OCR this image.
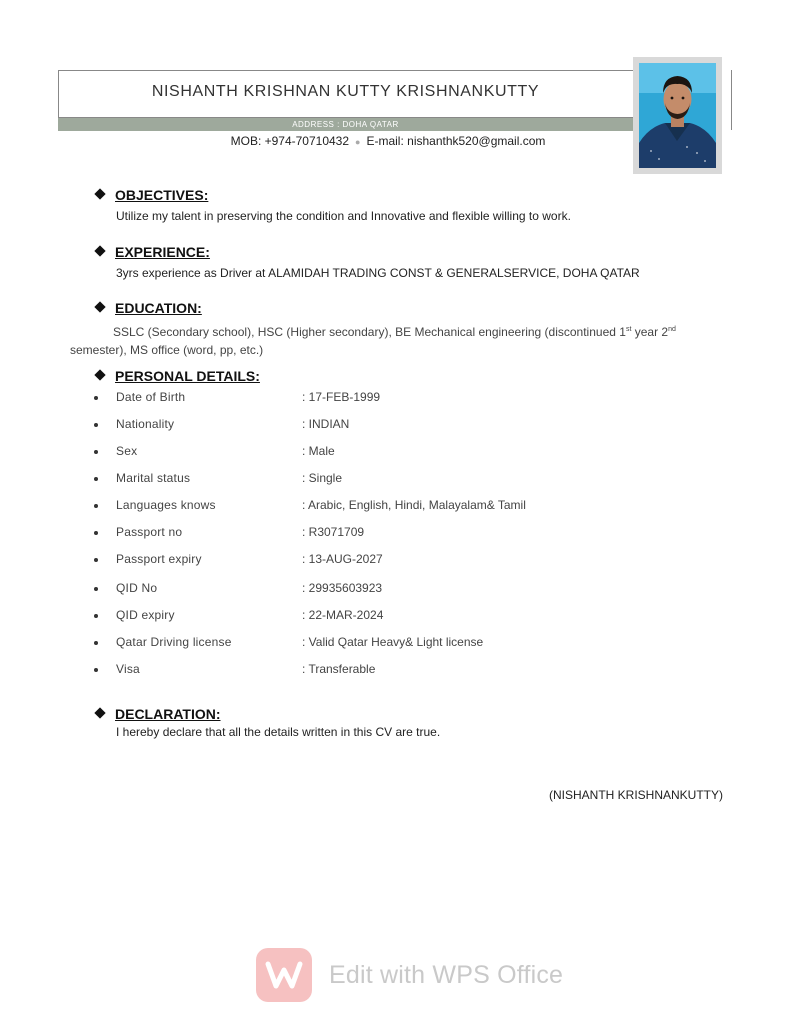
NISHANTH KRISHNAN KUTTY KRISHNANKUTTY
ADDRESS : DOHA QATAR
MOB: +974-70710432 ● E-mail: nishanthk520@gmail.com
OBJECTIVES:
Utilize my talent in preserving the condition and Innovative and flexible willing to work.
EXPERIENCE:
3yrs experience as Driver at ALAMIDAH TRADING CONST & GENERALSERVICE, DOHA QATAR
EDUCATION:
SSLC (Secondary school), HSC (Higher secondary), BE Mechanical engineering (discontinued 1st year 2nd semester), MS office (word, pp, etc.)
PERSONAL DETAILS:
Date of Birth	: 17-FEB-1999
Nationality	: INDIAN
Sex	: Male
Marital status	: Single
Languages knows	: Arabic, English, Hindi, Malayalam& Tamil
Passport no	: R3071709
Passport expiry	: 13-AUG-2027
QID No	: 29935603923
QID expiry	: 22-MAR-2024
Qatar Driving license	: Valid Qatar Heavy& Light license
Visa	: Transferable
DECLARATION:
I hereby declare that all the details written in this CV are true.
(NISHANTH KRISHNANKUTTY)
Edit with WPS Office
